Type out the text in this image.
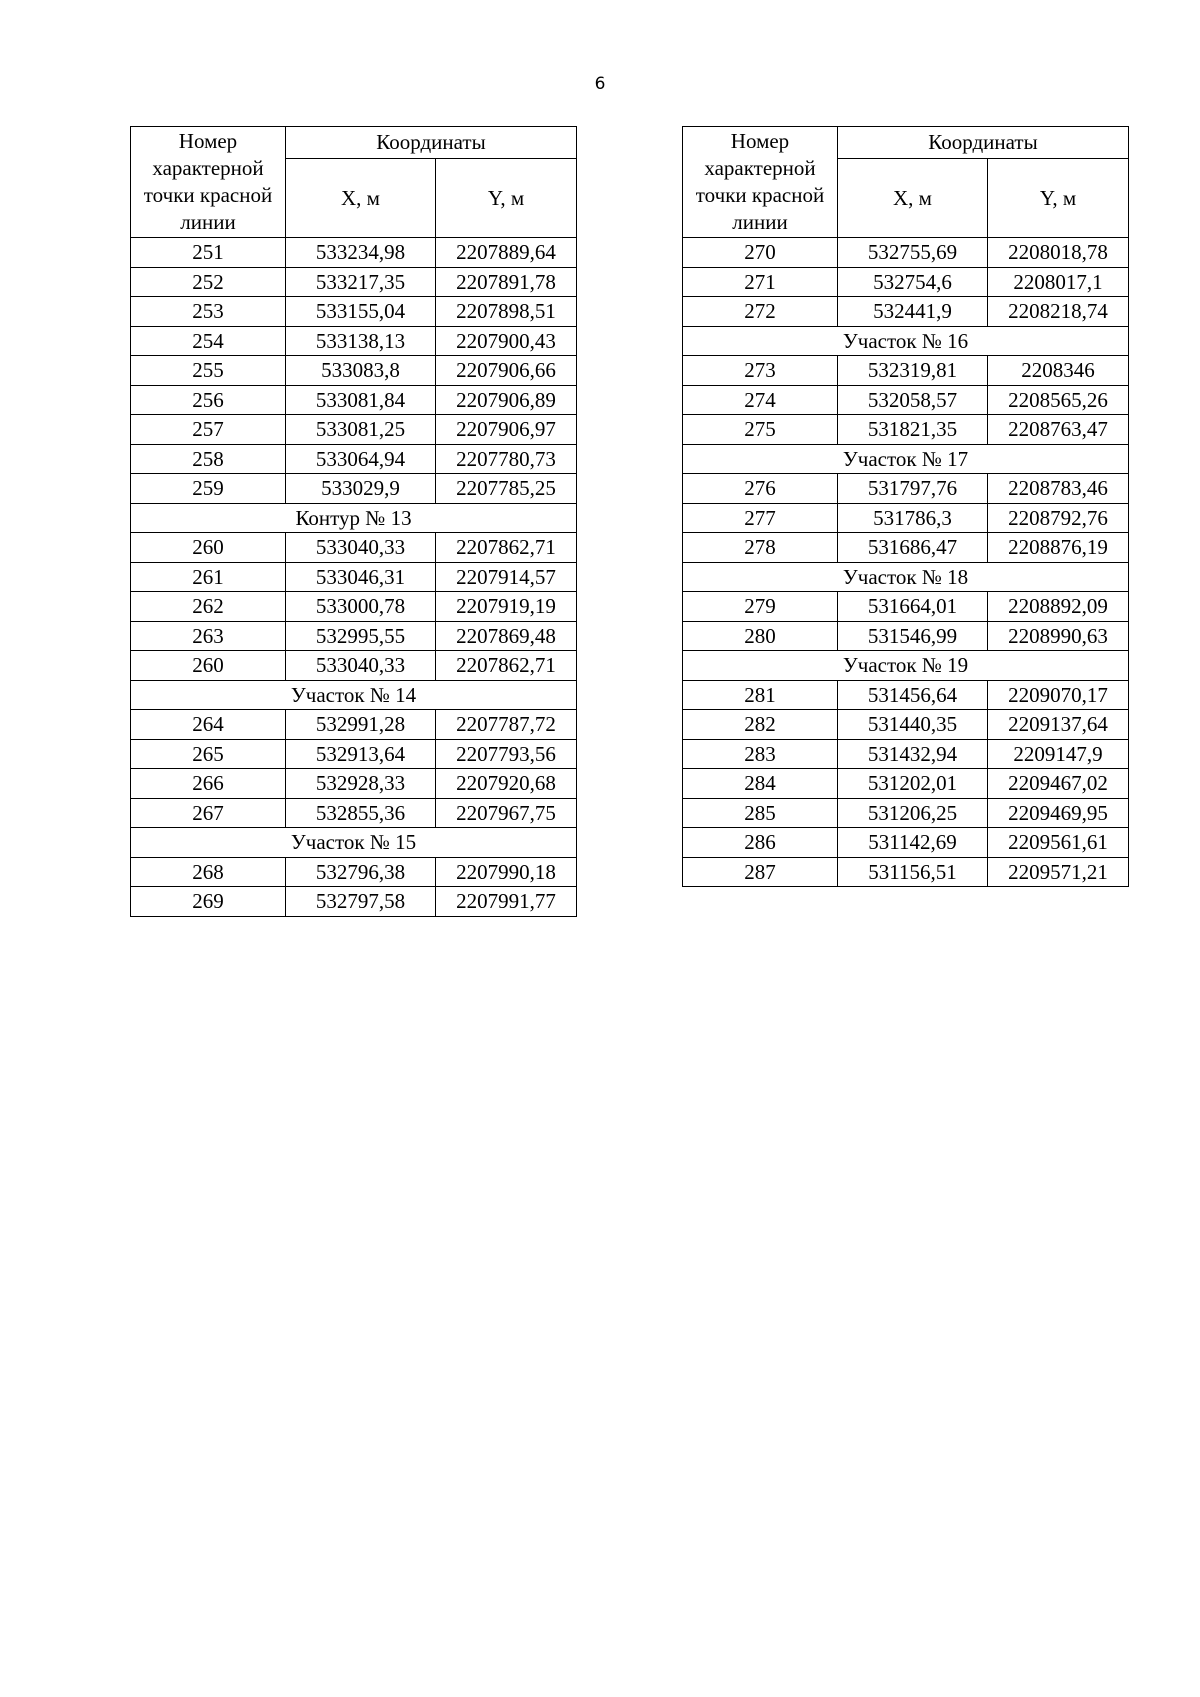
6
Номер характерной точки красной линии	Координаты	
	X, м	Y, м
251	533234,98	2207889,64
252	533217,35	2207891,78
253	533155,04	2207898,51
254	533138,13	2207900,43
255	533083,8	2207906,66
256	533081,84	2207906,89
257	533081,25	2207906,97
258	533064,94	2207780,73
259	533029,9	2207785,25
Контур № 13		
260	533040,33	2207862,71
261	533046,31	2207914,57
262	533000,78	2207919,19
263	532995,55	2207869,48
260	533040,33	2207862,71
Участок № 14		
264	532991,28	2207787,72
265	532913,64	2207793,56
266	532928,33	2207920,68
267	532855,36	2207967,75
Участок № 15		
268	532796,38	2207990,18
269	532797,58	2207991,77
Номер характерной точки красной линии	Координаты	
	X, м	Y, м
270	532755,69	2208018,78
271	532754,6	2208017,1
272	532441,9	2208218,74
Участок № 16		
273	532319,81	2208346
274	532058,57	2208565,26
275	531821,35	2208763,47
Участок № 17		
276	531797,76	2208783,46
277	531786,3	2208792,76
278	531686,47	2208876,19
Участок № 18		
279	531664,01	2208892,09
280	531546,99	2208990,63
Участок № 19		
281	531456,64	2209070,17
282	531440,35	2209137,64
283	531432,94	2209147,9
284	531202,01	2209467,02
285	531206,25	2209469,95
286	531142,69	2209561,61
287	531156,51	2209571,21
